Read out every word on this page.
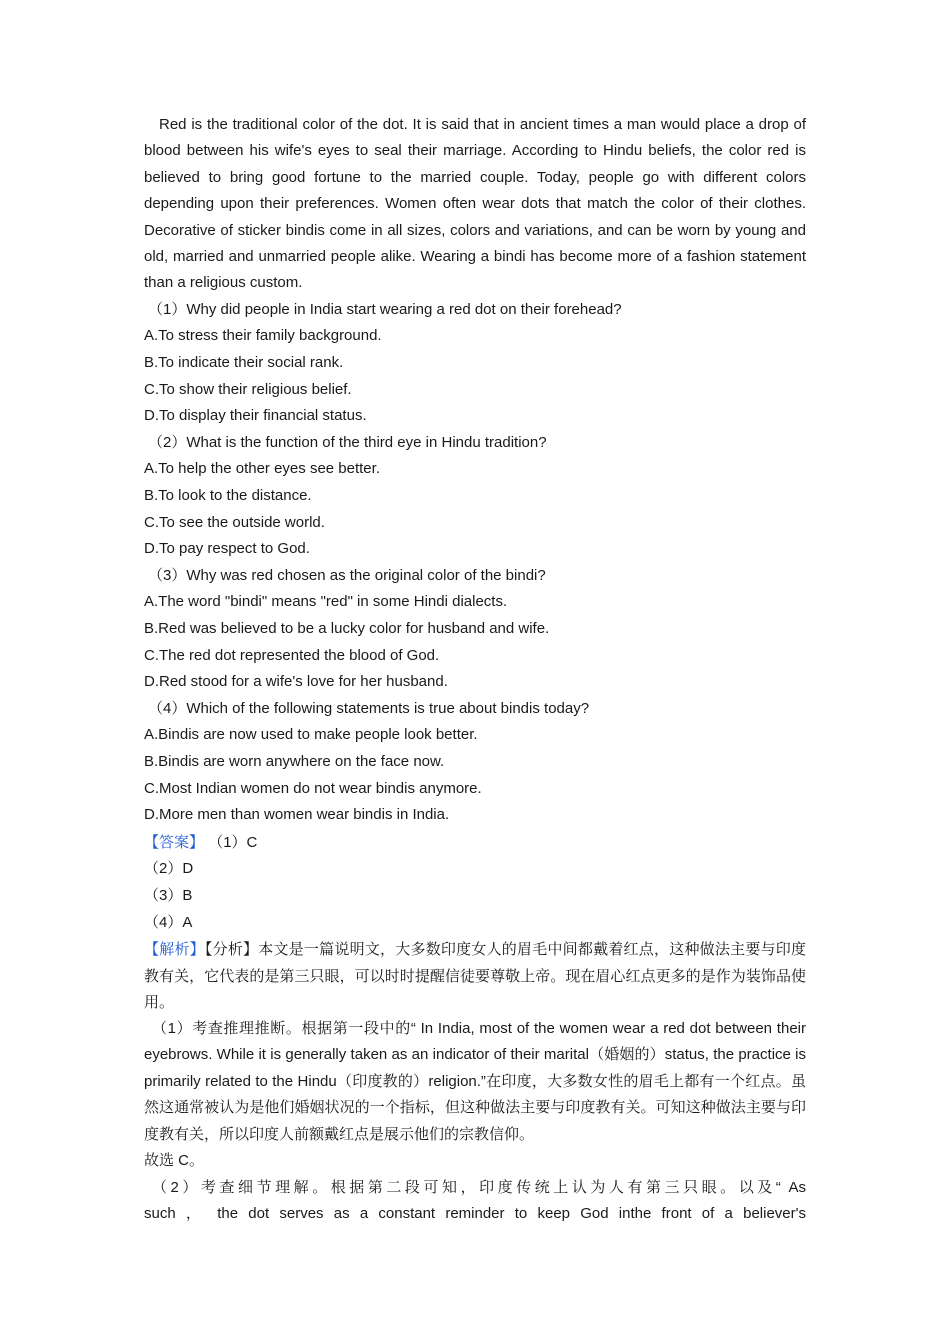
Red is the traditional color of the dot. It is said that in ancient times a man would place a drop of blood between his wife's eyes to seal their marriage. According to Hindu beliefs, the color red is believed to bring good fortune to the married couple. Today, people go with different colors depending upon their preferences. Women often wear dots that match the color of their clothes. Decorative of sticker bindis come in all sizes, colors and variations, and can be worn by young and old, married and unmarried people alike. Wearing a bindi has become more of a fashion statement than a religious custom.

（1）Why did people in India start wearing a red dot on their forehead?

A.To stress their family background.

B.To indicate their social rank.

C.To show their religious belief.

D.To display their financial status.

（2）What is the function of the third eye in Hindu tradition?

A.To help the other eyes see better.

B.To look to the distance.

C.To see the outside world.

D.To pay respect to God.

（3）Why was red chosen as the original color of the bindi?

A.The word "bindi" means "red" in some Hindi dialects.

B.Red was believed to be a lucky color for husband and wife.

C.The red dot represented the blood of God.

D.Red stood for a wife's love for her husband.

（4）Which of the following statements is true about bindis today?

A.Bindis are now used to make people look better.

B.Bindis are worn anywhere on the face now.

C.Most Indian women do not wear bindis anymore.

D.More men than women wear bindis in India.

【答案】 （1）C

（2）D

（3）B

（4）A

【解析】【分析】本文是一篇说明文，大多数印度女人的眉毛中间都戴着红点，这种做法主要与印度教有关，它代表的是第三只眼，可以时时提醒信徒要尊敬上帝。现在眉心红点更多的是作为装饰品使用。

（1）考查推理推断。根据第一段中的“ In India, most of the women wear a red dot between their eyebrows. While it is generally taken as an indicator of their marital（婚姻的）status, the practice is primarily related to the Hindu（印度教的）religion.”在印度，大多数女性的眉毛上都有一个红点。虽然这通常被认为是他们婚姻状况的一个指标，但这种做法主要与印度教有关。可知这种做法主要与印度教有关，所以印度人前额戴红点是展示他们的宗教信仰。

故选 C。

（2）考查细节理解。根据第二段可知，印度传统上认为人有第三只眼。以及“ As

such ， the dot serves as a constant reminder to keep God inthe front of a believer's
